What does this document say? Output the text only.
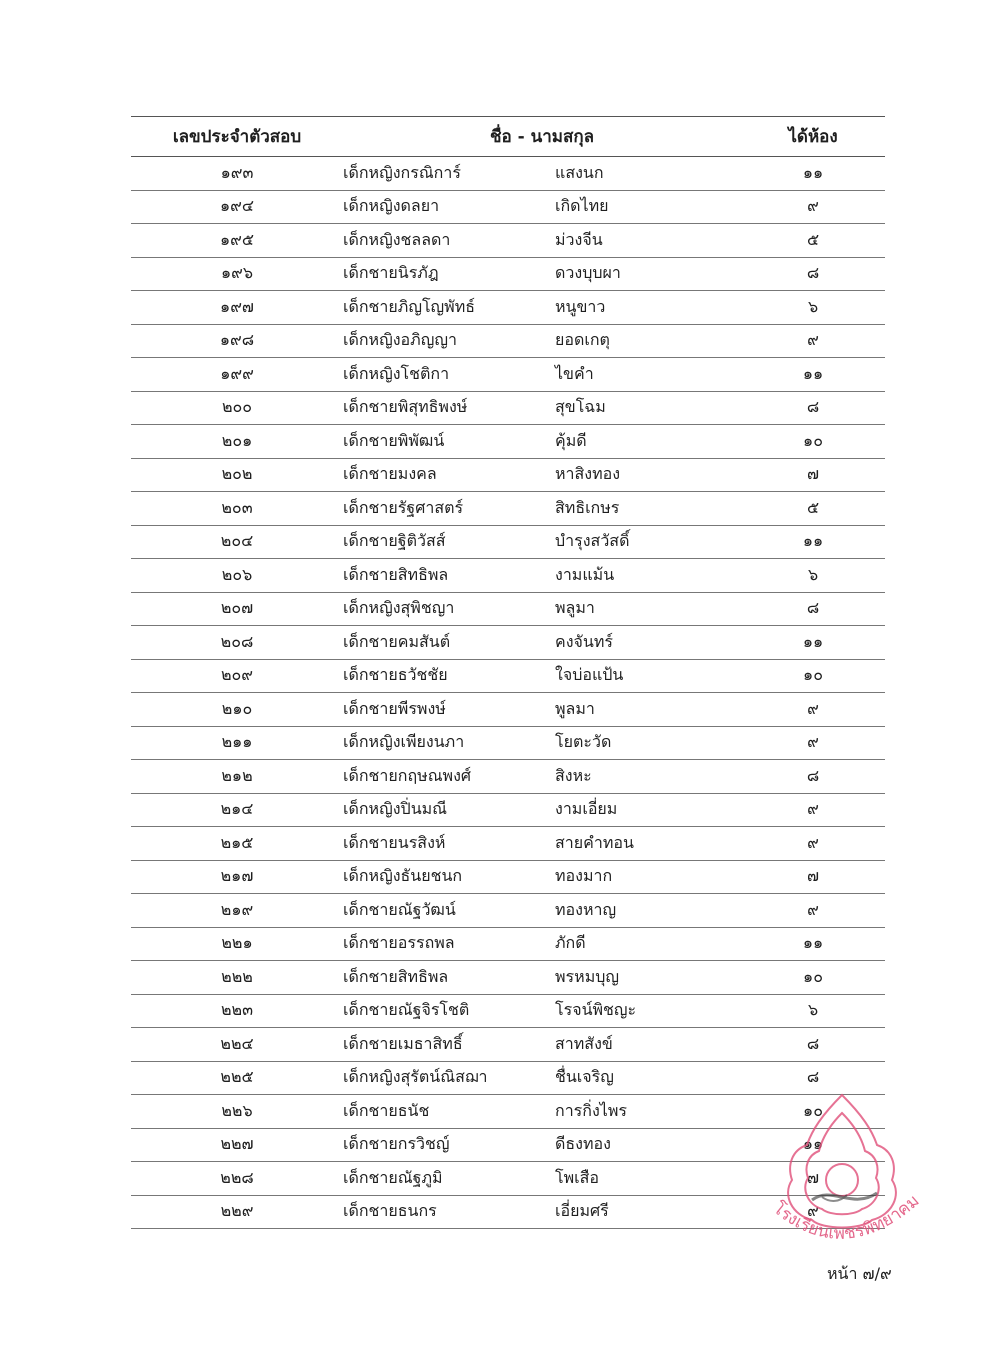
เลขประจำตัวสอบ	ชื่อ - นามสกุล		ได้ห้อง
๑๙๓	เด็กหญิงกรณิการ์	แสงนก	๑๑
๑๙๔	เด็กหญิงดลยา	เกิดไทย	๙
๑๙๕	เด็กหญิงชลลดา	ม่วงจีน	๕
๑๙๖	เด็กชายนิรภัฎ	ดวงบุบผา	๘
๑๙๗	เด็กชายภิญโญพัทธ์	หนูขาว	๖
๑๙๘	เด็กหญิงอภิญญา	ยอดเกตุ	๙
๑๙๙	เด็กหญิงโชติกา	ไขคำ	๑๑
๒๐๐	เด็กชายพิสุทธิพงษ์	สุขโฉม	๘
๒๐๑	เด็กชายพิพัฒน์	คุ้มดี	๑๐
๒๐๒	เด็กชายมงคล	หาสิงทอง	๗
๒๐๓	เด็กชายรัฐศาสตร์	สิทธิเกษร	๕
๒๐๔	เด็กชายฐิติวัสส์	บำรุงสวัสดิ์	๑๑
๒๐๖	เด็กชายสิทธิพล	งามแม้น	๖
๒๐๗	เด็กหญิงสุพิชญา	พลูมา	๘
๒๐๘	เด็กชายคมสันต์	คงจันทร์	๑๑
๒๐๙	เด็กชายธวัชชัย	ใจบ่อแป้น	๑๐
๒๑๐	เด็กชายพีรพงษ์	พูลมา	๙
๒๑๑	เด็กหญิงเพียงนภา	โยตะวัด	๙
๒๑๒	เด็กชายกฤษณพงศ์	สิงหะ	๘
๒๑๔	เด็กหญิงปิ่นมณี	งามเอี่ยม	๙
๒๑๕	เด็กชายนรสิงห์	สายคำทอน	๙
๒๑๗	เด็กหญิงธันยชนก	ทองมาก	๗
๒๑๙	เด็กชายณัฐวัฒน์	ทองหาญ	๙
๒๒๑	เด็กชายอรรถพล	ภักดี	๑๑
๒๒๒	เด็กชายสิทธิพล	พรหมบุญ	๑๐
๒๒๓	เด็กชายณัฐจิรโชติ	โรจน์พิชญะ	๖
๒๒๔	เด็กชายเมธาสิทธิ์	สาทสังข์	๘
๒๒๕	เด็กหญิงสุรัตน์ณิสฌา	ชื่นเจริญ	๘
๒๒๖	เด็กชายธนัช	การกิ่งไพร	๑๐
๒๒๗	เด็กชายกรวิชญ์	ดีธงทอง	๑๑
๒๒๘	เด็กชายณัฐภูมิ	โพเสือ	๗
๒๒๙	เด็กชายธนกร	เอี่ยมศรี	๙
โรงเรียนเพชรพิทยาคม
หน้า ๗/๙
